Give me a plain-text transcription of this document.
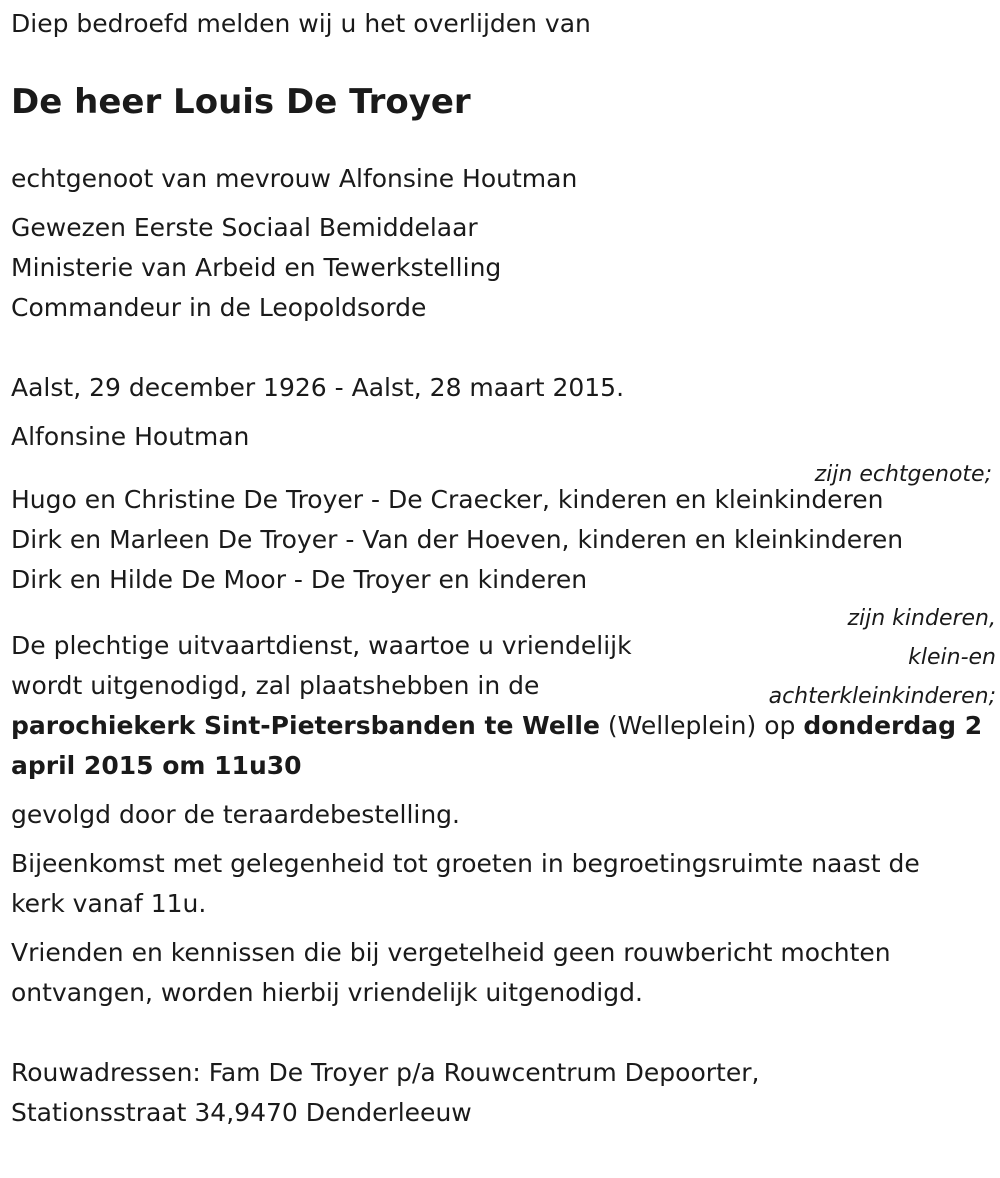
Diep bedroefd melden wij u het overlijden van
De heer Louis De Troyer
echtgenoot van mevrouw Alfonsine Houtman
Gewezen Eerste Sociaal Bemiddelaar
Ministerie van Arbeid en Tewerkstelling
Commandeur in de Leopoldsorde
Aalst, 29 december 1926 - Aalst, 28 maart 2015.
Alfonsine Houtman
Hugo en Christine De Troyer - De Craecker, kinderen en kleinkinderen
Dirk en Marleen De Troyer - Van der Hoeven, kinderen en kleinkinderen
Dirk en Hilde De Moor - De Troyer en kinderen
De plechtige uitvaartdienst, waartoe u vriendelijk
wordt uitgenodigd, zal plaatshebben in de
parochiekerk Sint-Pietersbanden te Welle (Welleplein) op donderdag 2
april 2015 om 11u30
gevolgd door de teraardebestelling.
Bijeenkomst met gelegenheid tot groeten in begroetingsruimte naast de
kerk vanaf 11u.
Vrienden en kennissen die bij vergetelheid geen rouwbericht mochten
ontvangen, worden hierbij vriendelijk uitgenodigd.
Rouwadressen: Fam De Troyer p/a Rouwcentrum Depoorter,
Stationsstraat 34,9470 Denderleeuw
zijn echtgenote;
zijn kinderen,
klein-en
achterkleinkinderen;
